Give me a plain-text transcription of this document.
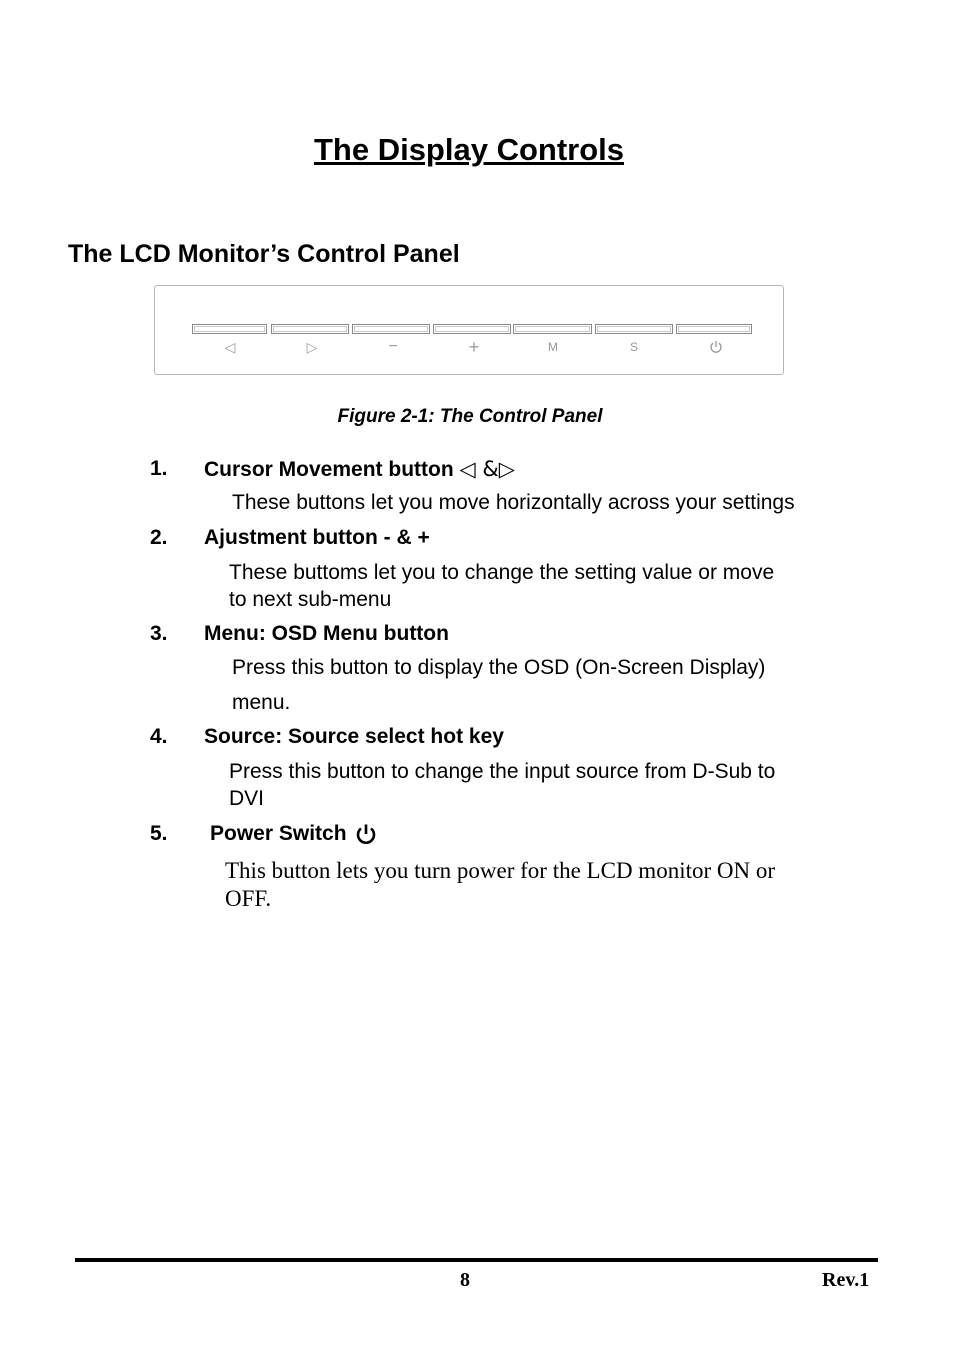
The Display Controls
The LCD Monitor’s Control Panel
◁	▷	−	+	M	S
Figure 2-1: The Control Panel
1. Cursor Movement button ◁ &▷
These buttons let you move horizontally across your settings
2. Ajustment button - & +
These buttoms let you to change the setting value or move
to next sub-menu
3. Menu: OSD Menu button
Press this button to display the OSD (On-Screen Display)
menu.
4. Source: Source select hot key
Press this button to change the input source from D-Sub to
DVI
5. Power Switch
This button lets you turn power for the LCD monitor ON or
OFF.
8	Rev.1
